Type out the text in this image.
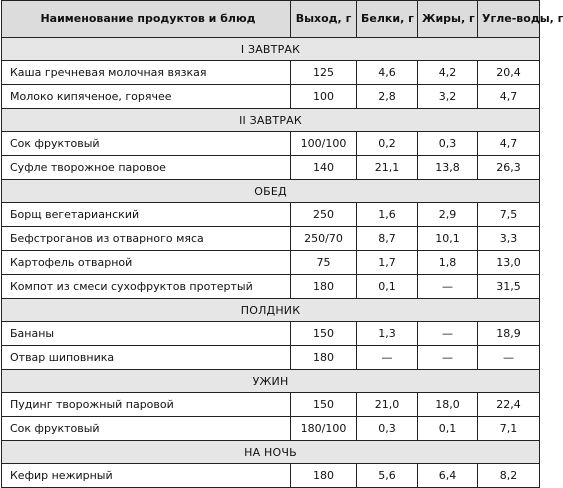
Наименование продуктов и блюд	Выход, г	Белки, г	Жиры, г	Угле-воды, г
I ЗАВТРАК				
Каша гречневая молочная вязкая	125	4,6	4,2	20,4
Молоко кипяченое, горячее	100	2,8	3,2	4,7
II ЗАВТРАК				
Сок фруктовый	100/100	0,2	0,3	4,7
Суфле творожное паровое	140	21,1	13,8	26,3
ОБЕД				
Борщ вегетарианский	250	1,6	2,9	7,5
Бефстроганов из отварного мяса	250/70	8,7	10,1	3,3
Картофель отварной	75	1,7	1,8	13,0
Компот из смеси сухофруктов протертый	180	0,1	—	31,5
ПОЛДНИК				
Бананы	150	1,3	—	18,9
Отвар шиповника	180	—	—	—
УЖИН				
Пудинг творожный паровой	150	21,0	18,0	22,4
Сок фруктовый	180/100	0,3	0,1	7,1
НА НОЧЬ				
Кефир нежирный	180	5,6	6,4	8,2
